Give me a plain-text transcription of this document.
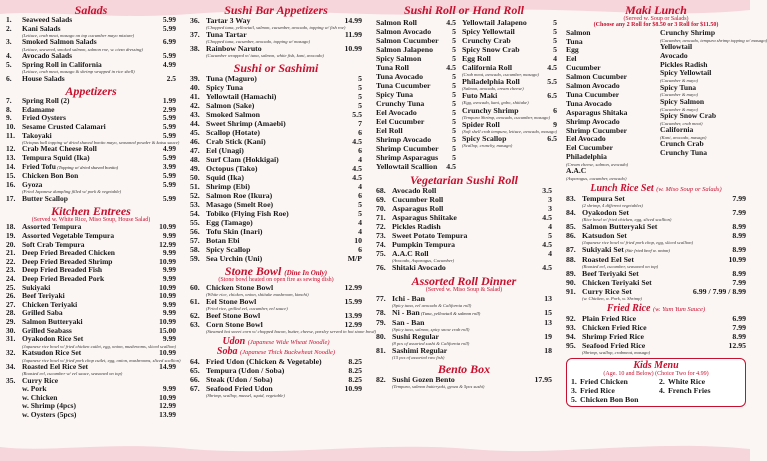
Salads
1.	Seaweed Salads	5.99
2.	Kani Salads	5.99
(Lettuce, crab meat, masago on top cucumber mayo mixture)
3.	Smoked Salmon Salads	6.99
(Lettuce, seaweed, smoked salmon, salmon roe, w. ciezo dressing)
4.	Avocado Salads	5.99
5.	Spring Roll in California	4.99
(Lettuce, crab meat, masago & shrimp wrapped in rice shell)
6.	House Salads	2.5
Appetizers
7.	Spring Roll (2)	1.99
8.	Edamame	2.99
9.	Fried Oysters	5.99
10. Sesame Crusted Calamari	5.99
11. Takoyaki	5.99
(Octopus ball topping w/ dried shaved bonito mayo, seasoned powder & katsu sauce)
12. Crab Meat Cheese Roll	4.99
13. Tempura Squid (Ika)	5.99
14. Fried Tofu (Topping w/ dried shaved bonito)	3.99
15. Chicken Bon Bon	5.99
16. Gyoza	5.99
(Fried Japanese dumpling filled w/ pork & vegetable)
17. Butter Scallop	5.99
Kitchen Entrees
(Served w. White Rice, Miso Soup, House Salad)
18. Assorted Tempura	10.99
19. Assorted Vegetable Tempura	9.99
20. Soft Crab Tempura	12.99
21. Deep Fried Breaded Chicken	9.99
22. Deep Fried Breaded Shrimp	10.99
23. Deep Fried Breaded Fish	9.99
24. Deep Fried Breaded Pork	9.99
25. Sukiyaki	10.99
26. Beef Teriyaki	10.99
27. Chicken Teriyaki	9.99
28. Grilled Saba	9.99
29. Salmon Butteryaki	10.99
30. Grilled Seabass	15.00
31. Oyakodon Rice Set	9.99
(Japanese rice bowl w/ fried chicken cutlet, egg, onion, mushrooms, sliced scallion)
32. Katsudon Rice Set	10.99
(Japanese rice bowl w/ fried pork chop cutlet, egg, onion, mushrooms, sliced scallion)
34. Roasted Eel Rice Set	14.99
(Roasted eel, cucumber w/ eel sauce, seasoned on top)
35. Curry Rice
w. Pork	9.99
w. Chicken	10.99
w. Shrimp (4pcs)	12.99
w. Oysters (5pcs)	13.99
Sushi Bar Appetizers
36. Tartar 3 Way	14.99
(Chopped tuna, yellowtail, salmon, cucumber, avocado, topping w/ fish roe)
37. Tuna Tartar	11.99
(Chopped tuna, cucumber, avocado, topping w/ masago)
38. Rainbow Naruto	10.99
(Cucumber wrapped w/ tuna, salmon, white fish, kani, avocado)
Sushi or Sashimi
39. Tuna (Maguro)	5
40. Spicy Tuna	5
41. Yellowtail (Hamachi)	5
42. Salmon (Sake)	5
43. Smoked Salmon	5.5
44. Sweet Shrimp (Amaebi)	7
45. Scallop (Hotate)	6
46. Crab Stick (Kani)	4.5
47. Eel (Unagi)	6
48. Surf Clam (Hokkigai)	4
49. Octopus (Tako)	4.5
50. Squid (Ika)	4.5
51. Shrimp (Ebi)	4
52. Salmon Roe (Ikura)	6
53. Masago (Smelt Roe)	5
54. Tobiko (Flying Fish Roe)	5
55. Egg (Tamago)	4
56. Tofu Skin (Inari)	4
57. Botan Ebi	10
58. Spicy Scallop	6
59. Sea Urchin (Uni)	M/P
Stone Bowl (Dine In Only)
(Stone bowl heated on open fire as sewing dish)
60. Chicken Stone Bowl	12.99
(White rice, chicken, onion, shiitake mushroom, kimchi)
61. Eel Stone Bowl	15.99
(Fried rice, grilled eel, cucumber, eel sauce)
62. Beef Stone Bowl	13.99
63. Corn Stone Bowl	12.99
(Steamed hot sweet corn w/ chopped bacon, butter, cheese, parsley served in hot stone bowl)
Udon (Japanese Wide Wheat Noodle)
Soba (Japanese Thick Buckwheat Noodle)
64. Fried Udon (Chicken & Vegetable)	8.25
65. Tempura (Udon / Soba)	8.25
66. Steak (Udon / Soba)	8.25
67. Seafood Fried Udon	10.99
(Shrimp, scallop, mussel, squid, vegetable)
Sushi Roll or Hand Roll
Salmon Roll	4.5
Salmon Avocado	5
Salmon Cucumber	5
Salmon Jalapeno	5
Spicy Salmon	5
Tuna Roll	4.5
Tuna Avocado	5
Tuna Cucumber	5
Spicy Tuna	5
Crunchy Tuna	5
Eel Avocado	5
Eel Cucumber	5
Eel Roll	5
Shrimp Avocado	5
Shrimp Cucumber	5
Shrimp Asparagus	5
Yellowtail Scallion	4.5
Yellowtail Jalapeno	5
Spicy Yellowtail	5
Crunchy Crab	5
Spicy Snow Crab	5
Egg Roll	4
California Roll	4.5
(Crab meat, avocado, cucumber, masago)
Philadelphia Roll	5.5
(Salmon, avocado, cream cheese)
Futo Maki	6.5
(Egg, avocado, kani, gobo, shiitake)
Crunchy Shrimp	6
(Tempura Shrimp, avocado, cucumber, masago)
Spider Roll	9
(Soft shell crab tempura, lettuce, avocado, masago)
Spicy Scallop	6.5
(Scallop, crunchy, masago)
Vegetarian Sushi Roll
68. Avocado Roll	3.5
69. Cucumber Roll	3
70. Asparagus Roll	3
71. Asparagus Shiitake	4.5
72. Pickles Radish	4
73. Sweet Potato Tempura	5
74. Pumpkin Tempura	4.5
75. A.A.C Roll	4
(Avocado, Asparagus, Cucumber)
76. Shitaki Avocado	4.5
Assorted Roll Dinner
(Served w. Miso Soup & Salad)
77. Ichi - Ban	13
(Spicy tuna, eel avocado & California roll)
78. Ni - Ban (Tuna, yellowtail & salmon roll)	15
79. San - Ban	13
(Spicy tuna, salmon, spicy snow crab roll)
80. Sushi Regular	19
(8 pcs of assorted sushi & California roll)
81. Sashimi Regular	18
(15 pcs of assorted raw fish)
Bento Box
82. Sushi Gozen Bento	17.95
(Tempura, salmon butteryaki, gyoza & 5pcs sushi)
Maki Lunch
(Served w. Soup or Salads)
(Choose any 2 Roll for $8.50 or 3 Roll for $11.50)
Salmon
Tuna
Egg
Eel
Cucumber
Salmon Cucumber
Salmon Avocado
Tuna Cucumber
Tuna Avocado
Asparagus Shitaka
Shrimp Avocado
Shrimp Cucumber
Eel Avocado
Eel Cucumber
Philadelphia
(Cream cheese, salmon, avocado)
A.A.C
(Asparagus, cucumber, avocado)
Crunchy Shrimp
(Cucumber, avocado, tempura shrimp topping w/ masago)
Yellowtail
Avocado
Pickles Radish
Spicy Yellowtail
(Cucumber & mayo)
Spicy Tuna
(Cucumber & mayo)
Spicy Salmon
(Cucumber & mayo)
Spicy Snow Crab
(Cucumber, crab meat)
California
(Kani, avocado, masago)
Crunch Crab
Crunchy Tuna
Lunch Rice Set (w. Miso Soup or Salads)
83. Tempura Set	7.99
(2 shrimp, 4 different vegetables)
84. Oyakodon Set	7.99
(Rice bowl w/ fried chicken, egg, sliced scallion)
85. Salmon Butteryaki Set	8.99
86. Katsudon Set	8.99
(Japanese rice bowl w/ fried pork chop, egg, sliced scallion)
87. Sukiyaki Set (Stir fried beef w. onion)	8.99
88. Roasted Eel Set	10.99
(Roasted eel, cucumber, seasoned on top)
89. Beef Teriyaki Set	8.99
90. Chicken Teriyaki Set	7.99
91. Curry Rice Set	6.99 / 7.99 / 8.99
(w. Chicken, w. Pork, w. Shrimp)
Fried Rice (w. Yum Yum Sauce)
92. Plain Fried Rice	6.99
93. Chicken Fried Rice	7.99
94. Shrimp Fried Rice	8.99
95. Seafood Fried Rice	12.95
(Shrimp, scallop, crabmeat, masago)
Kids Menu
(Age. 10 and Below) (Choice Two for 4.99)
1. Fried Chicken	2. White Rice
3. Fried Rice	4. French Fries
5. Chicken Bon Bon
